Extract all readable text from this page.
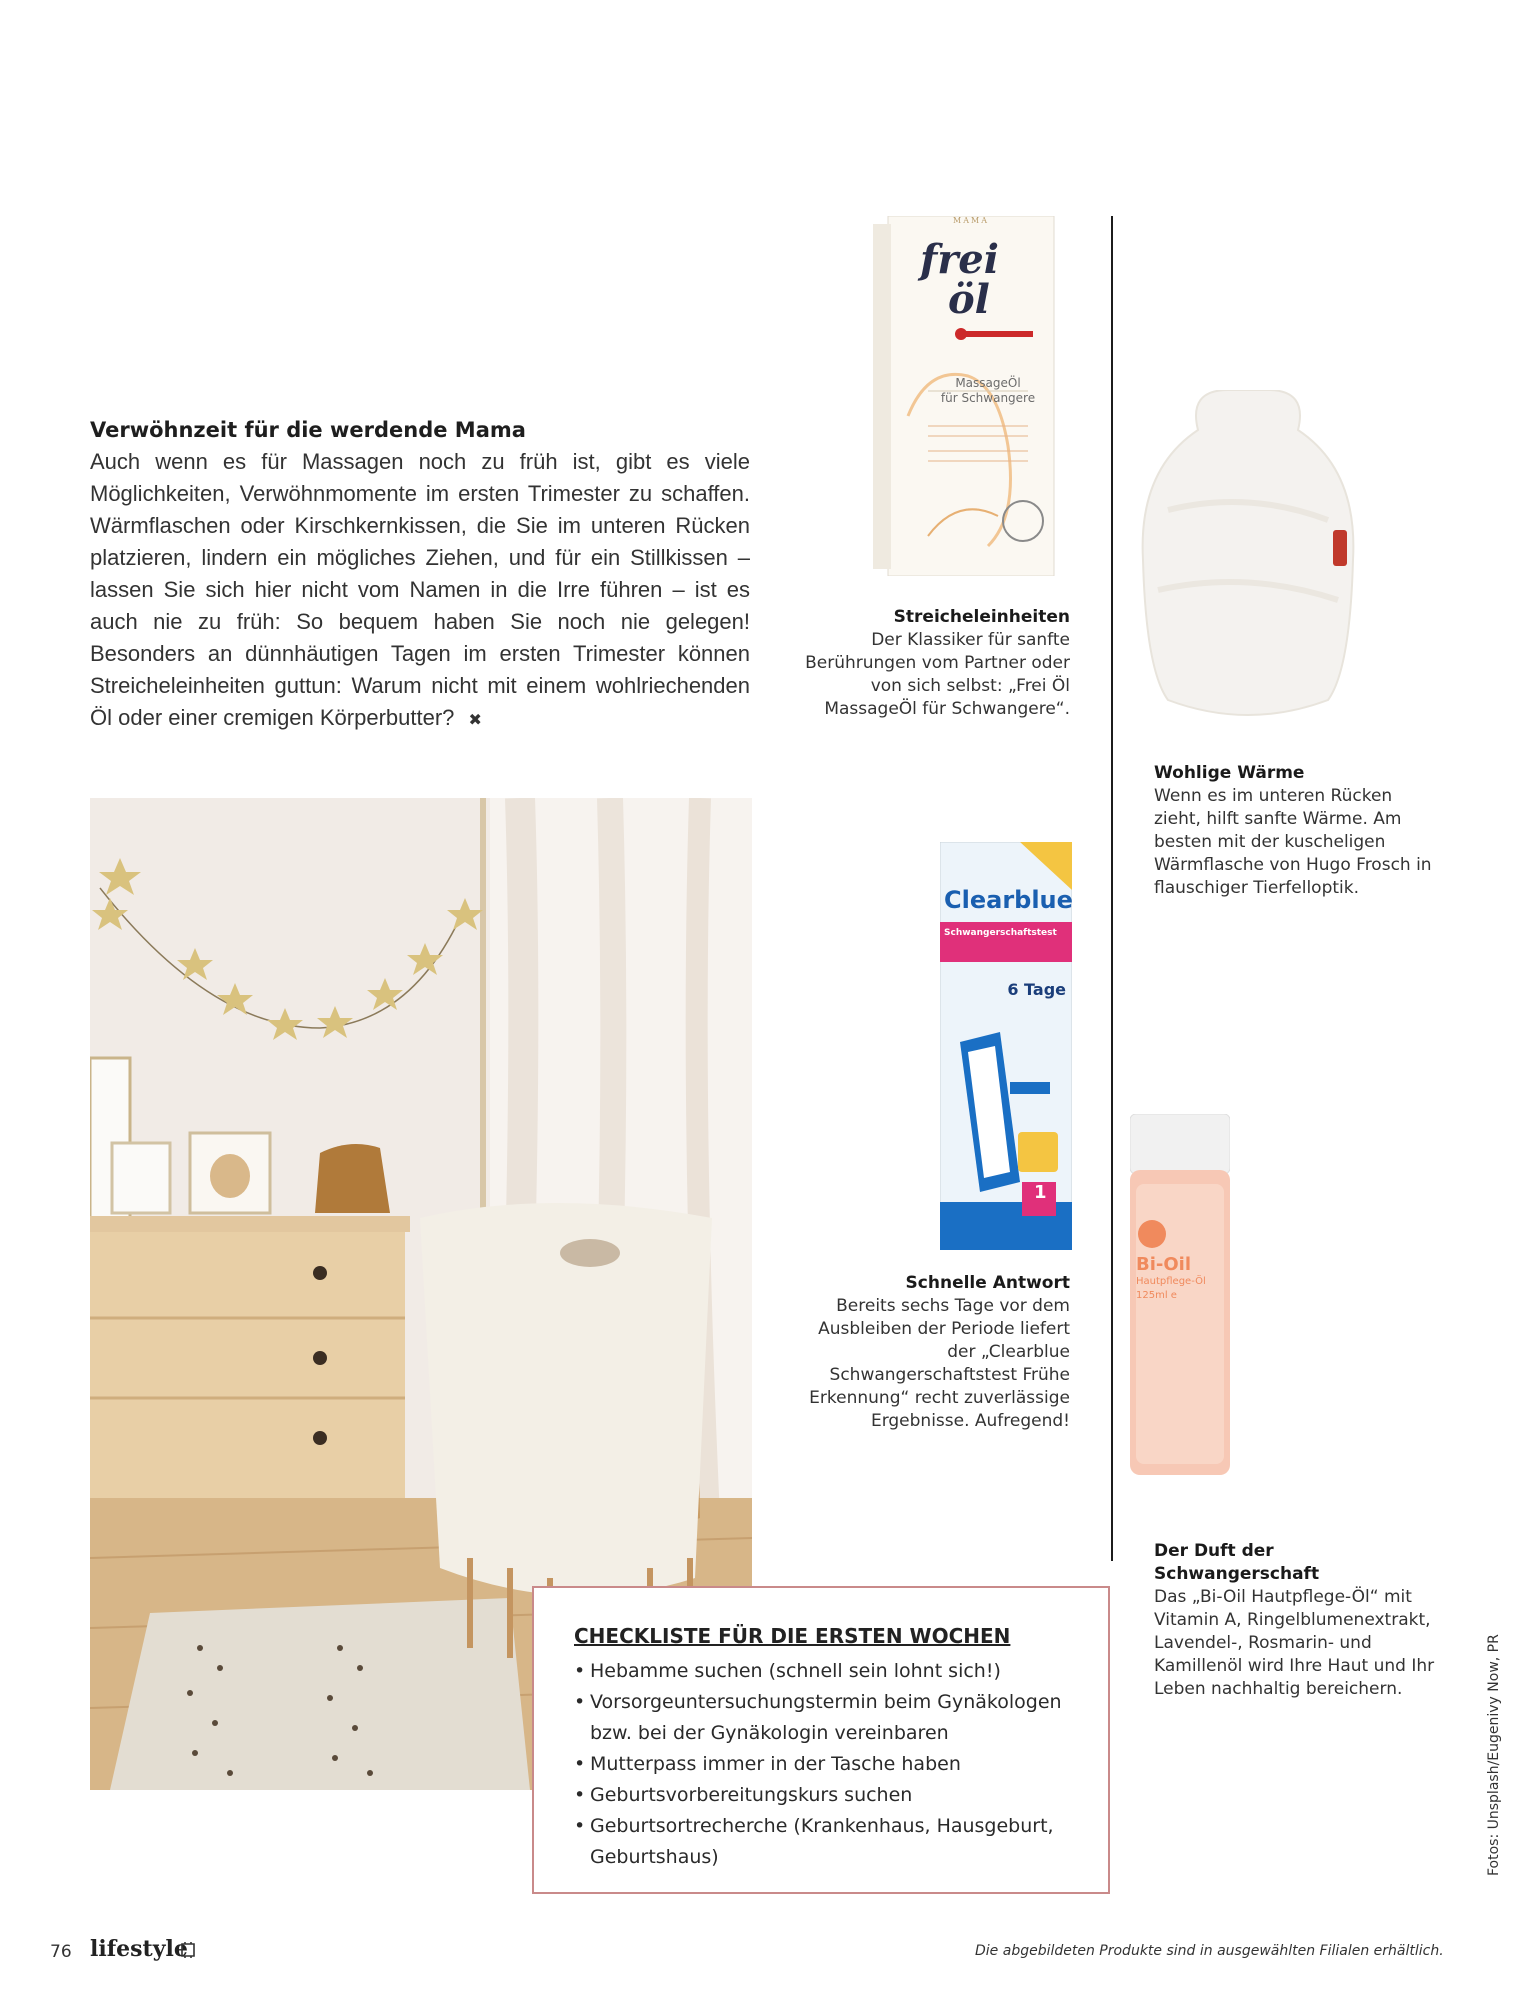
Verwöhnzeit für die werdende Mama
Auch wenn es für Massagen noch zu früh ist, gibt es viele Möglichkeiten, Verwöhnmomente im ersten Trimester zu schaffen. Wärmflaschen oder Kirschkernkissen, die Sie im unteren Rücken platzieren, lindern ein mögliches Ziehen, und für ein Stillkissen – lassen Sie sich hier nicht vom Namen in die Irre führen – ist es auch nie zu früh: So bequem haben Sie noch nie gelegen! Besonders an dünnhäutigen Tagen im ersten Trimester können Streicheleinheiten guttun: Warum nicht mit einem wohlriechenden Öl oder einer cremigen Körperbutter? ✖
MAMA
frei
öl
MassageÖl
für Schwangere
Streicheleinheiten
Der Klassiker für sanfte Berührungen vom Partner oder von sich selbst: „Frei Öl MassageÖl für Schwangere“.
Wohlige Wärme
Wenn es im unteren Rücken zieht, hilft sanfte Wärme. Am besten mit der kuscheligen Wärmflasche von Hugo Frosch in flauschiger Tierfelloptik.
Clearblue
Schwangerschaftstest
6 Tage
1
Schnelle Antwort
Bereits sechs Tage vor dem Ausbleiben der Periode liefert der „Clearblue Schwangerschaftstest Frühe Erkennung“ recht zuverlässige Ergebnisse. Aufregend!
Bi-Oil
Hautpflege-Öl
125ml e
Der Duft der Schwangerschaft
Das „Bi-Oil Hautpflege-Öl“ mit Vitamin A, Ringelblumenextrakt, Lavendel-, Rosmarin- und Kamillenöl wird Ihre Haut und Ihr Leben nachhaltig bereichern.
CHECKLISTE FÜR DIE ERSTEN WOCHEN
• Hebamme suchen (schnell sein lohnt sich!)
• Vorsorgeuntersuchungstermin beim Gynäkologen bzw. bei der Gynäkologin vereinbaren
• Mutterpass immer in der Tasche haben
• Geburtsvorbereitungskurs suchen
• Geburtsortrecherche (Krankenhaus, Hausgeburt, Geburtshaus)
76 lifestyle	Die abgebildeten Produkte sind in ausgewählten Filialen erhältlich.
Fotos: Unsplash/Eugenivy Now, PR
